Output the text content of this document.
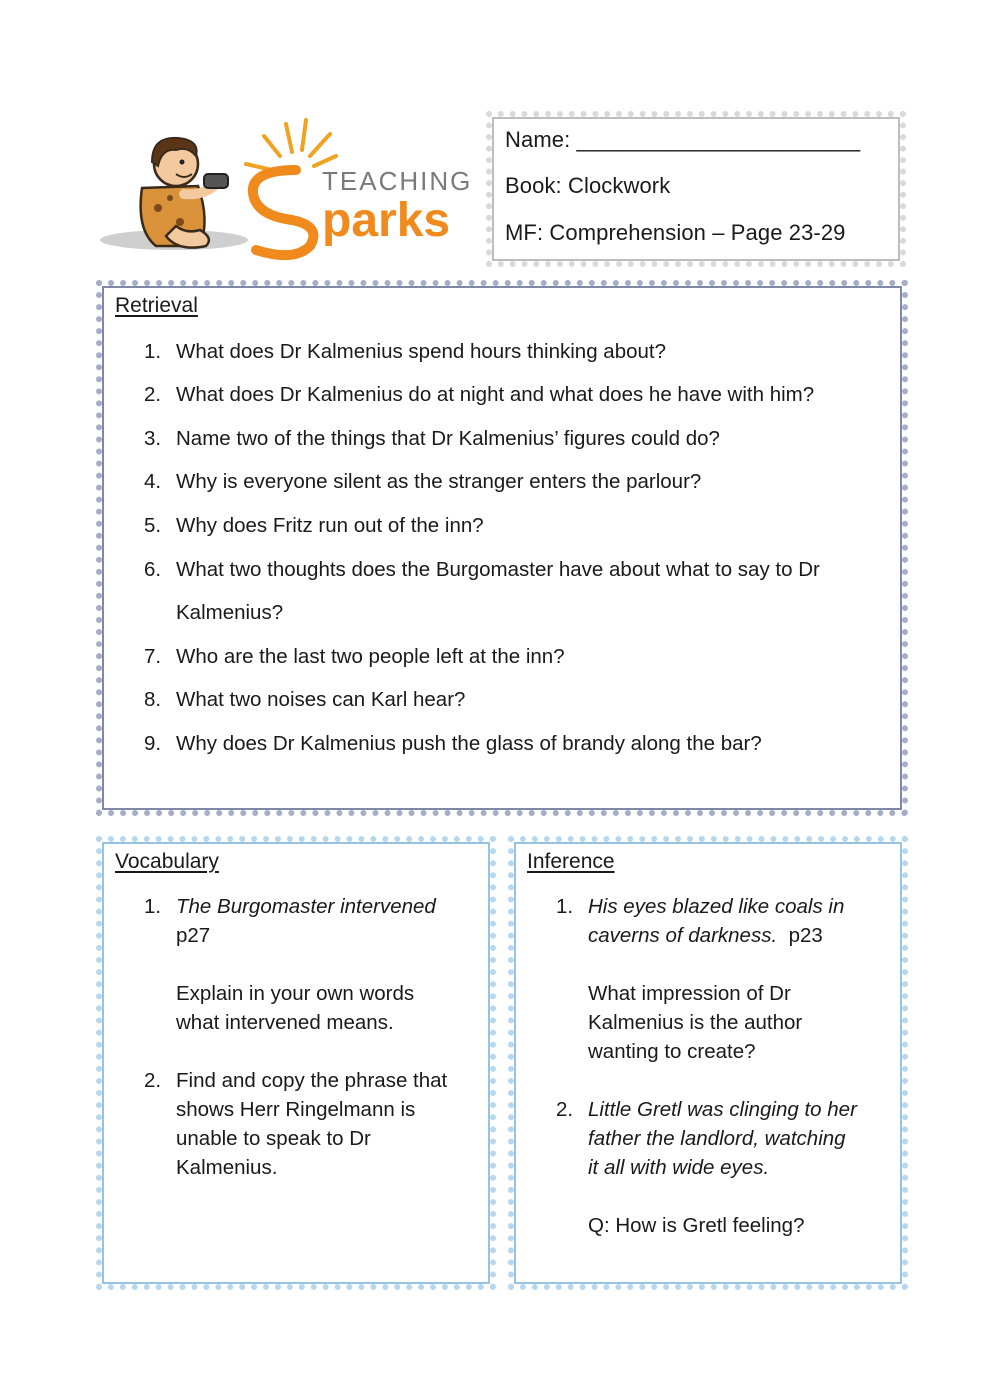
TEACHING
parks
Name: _______________________
Book: Clockwork
MF: Comprehension – Page 23-29
Retrieval
1. What does Dr Kalmenius spend hours thinking about?
2. What does Dr Kalmenius do at night and what does he have with him?
3. Name two of the things that Dr Kalmenius’ figures could do?
4. Why is everyone silent as the stranger enters the parlour?
5. Why does Fritz run out of the inn?
6. What two thoughts does the Burgomaster have about what to say to Dr
Kalmenius?
7. Who are the last two people left at the inn?
8. What two noises can Karl hear?
9. Why does Dr Kalmenius push the glass of brandy along the bar?
Vocabulary
1. The Burgomaster intervened
p27
Explain in your own words
what intervened means.
2. Find and copy the phrase that
shows Herr Ringelmann is
unable to speak to Dr
Kalmenius.
Inference
1. His eyes blazed like coals in
caverns of darkness. p23
What impression of Dr
Kalmenius is the author
wanting to create?
2. Little Gretl was clinging to her
father the landlord, watching
it all with wide eyes.
Q: How is Gretl feeling?
